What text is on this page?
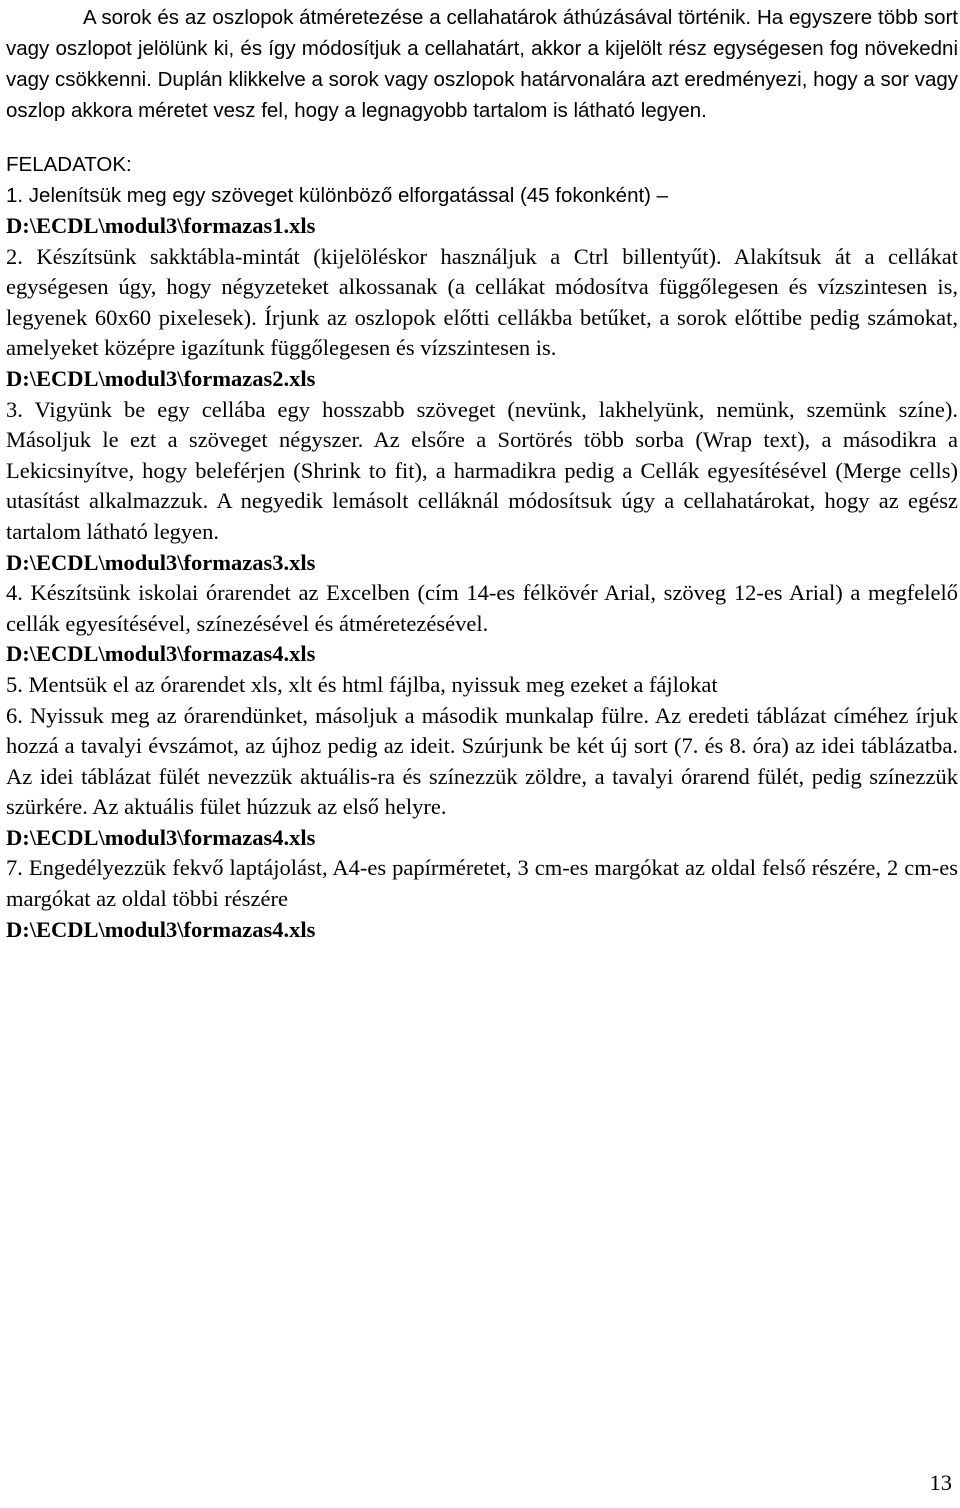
A sorok és az oszlopok átméretezése a cellahatárok áthúzásával történik. Ha egyszere több sort vagy oszlopot jelölünk ki, és így módosítjuk a cellahatárt, akkor a kijelölt rész egységesen fog növekedni vagy csökkenni. Duplán klikkelve a sorok vagy oszlopok határvonalára azt eredményezi, hogy a sor vagy oszlop akkora méretet vesz fel, hogy a legnagyobb tartalom is látható legyen.

FELADATOK:

1. Jelenítsük meg egy szöveget különböző elforgatással (45 fokonként) –
D:\ECDL\modul3\formazas1.xls
2. Készítsünk sakktábla-mintát (kijelöléskor használjuk a Ctrl billentyűt). Alakítsuk át a cellákat egységesen úgy, hogy négyzeteket alkossanak (a cellákat módosítva függőlegesen és vízszintesen is, legyenek 60x60 pixelesek). Írjunk az oszlopok előtti cellákba betűket, a sorok előttibe pedig számokat, amelyeket középre igazítunk függőlegesen és vízszintesen is.
D:\ECDL\modul3\formazas2.xls
3. Vigyünk be egy cellába egy hosszabb szöveget (nevünk, lakhelyünk, nemünk, szemünk színe). Másoljuk le ezt a szöveget négyszer. Az elsőre a Sortörés több sorba (Wrap text), a másodikra a Lekicsinyítve, hogy beleférjen (Shrink to fit), a harmadikra pedig a Cellák egyesítésével (Merge cells) utasítást alkalmazzuk. A negyedik lemásolt celláknál módosítsuk úgy a cellahatárokat, hogy az egész tartalom látható legyen.
D:\ECDL\modul3\formazas3.xls
4. Készítsünk iskolai órarendet az Excelben (cím 14-es félkövér Arial, szöveg 12-es Arial) a megfelelő cellák egyesítésével, színezésével és átméretezésével.
D:\ECDL\modul3\formazas4.xls
5. Mentsük el az órarendet xls, xlt és html fájlba, nyissuk meg ezeket a fájlokat
6. Nyissuk meg az órarendünket, másoljuk a második munkalap fülre. Az eredeti táblázat címéhez írjuk hozzá a tavalyi évszámot, az újhoz pedig az ideit. Szúrjunk be két új sort (7. és 8. óra) az idei táblázatba. Az idei táblázat fülét nevezzük aktuális-ra és színezzük zöldre, a tavalyi órarend fülét, pedig színezzük szürkére. Az aktuális fület húzzuk az első helyre.
D:\ECDL\modul3\formazas4.xls
7. Engedélyezzük fekvő laptájolást, A4-es papírméretet, 3 cm-es margókat az oldal felső részére, 2 cm-es margókat az oldal többi részére
D:\ECDL\modul3\formazas4.xls
13
